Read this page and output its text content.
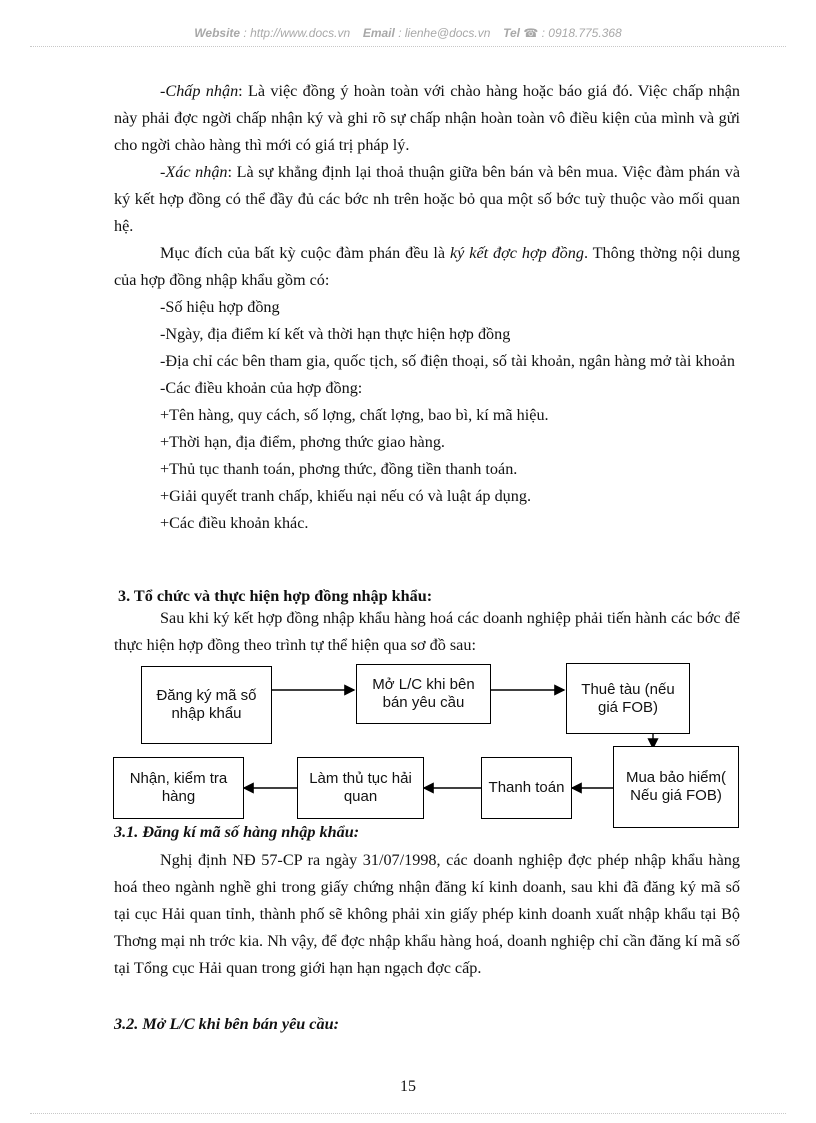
Website : http://www.docs.vn Email : lienhe@docs.vn Tel ☎ : 0918.775.368

-Chấp nhận: Là việc đồng ý hoàn toàn với chào hàng hoặc báo giá đó. Việc chấp nhận này phải đợc ngời chấp nhận ký và ghi rõ sự chấp nhận hoàn toàn vô điều kiện của mình và gửi cho ngời chào hàng thì mới có giá trị pháp lý.

-Xác nhận: Là sự khẳng định lại thoả thuận giữa bên bán và bên mua. Việc đàm phán và ký kết hợp đồng có thể đầy đủ các bớc nh trên hoặc bỏ qua một số bớc tuỳ thuộc vào mối quan hệ.

Mục đích của bất kỳ cuộc đàm phán đều là ký kết đợc hợp đồng. Thông thờng nội dung của hợp đồng nhập khẩu gồm có:

-Số hiệu hợp đồng

-Ngày, địa điểm kí kết và thời hạn thực hiện hợp đồng

-Địa chỉ các bên tham gia, quốc tịch, số điện thoại, số tài khoản, ngân hàng mở tài khoản

-Các điều khoản của hợp đồng:

+Tên hàng, quy cách, số lợng, chất lợng, bao bì, kí mã hiệu.

+Thời hạn, địa điểm, phơng thức giao hàng.

+Thủ tục thanh toán, phơng thức, đồng tiền thanh toán.

+Giải quyết tranh chấp, khiếu nại nếu có và luật áp dụng.

+Các điều khoản khác.

3. Tổ chức và thực hiện hợp đồng nhập khẩu:

Sau khi ký kết hợp đồng nhập khẩu hàng hoá các doanh nghiệp phải tiến hành các bớc để thực hiện hợp đồng theo trình tự thể hiện qua sơ đồ sau:

Đăng ký mã số nhập khẩu
Mở L/C khi bên bán yêu cầu
Thuê tàu (nếu giá FOB)
Mua bảo hiểm( Nếu giá FOB)
Thanh toán
Làm thủ tục hải quan
Nhận, kiểm tra hàng
3.1. Đăng kí mã số hàng nhập khẩu:

Nghị định NĐ 57-CP ra ngày 31/07/1998, các doanh nghiệp đợc phép nhập khẩu hàng hoá theo ngành nghề ghi trong giấy chứng nhận đăng kí kinh doanh, sau khi đã đăng ký mã số tại cục Hải quan tỉnh, thành phố sẽ không phải xin giấy phép kinh doanh xuất nhập khẩu tại Bộ Thơng mại nh trớc kia. Nh vậy, để đợc nhập khẩu hàng hoá, doanh nghiệp chỉ cần đăng kí mã số tại Tổng cục Hải quan trong giới hạn hạn ngạch đợc cấp.

3.2. Mở L/C khi bên bán yêu cầu:
15
